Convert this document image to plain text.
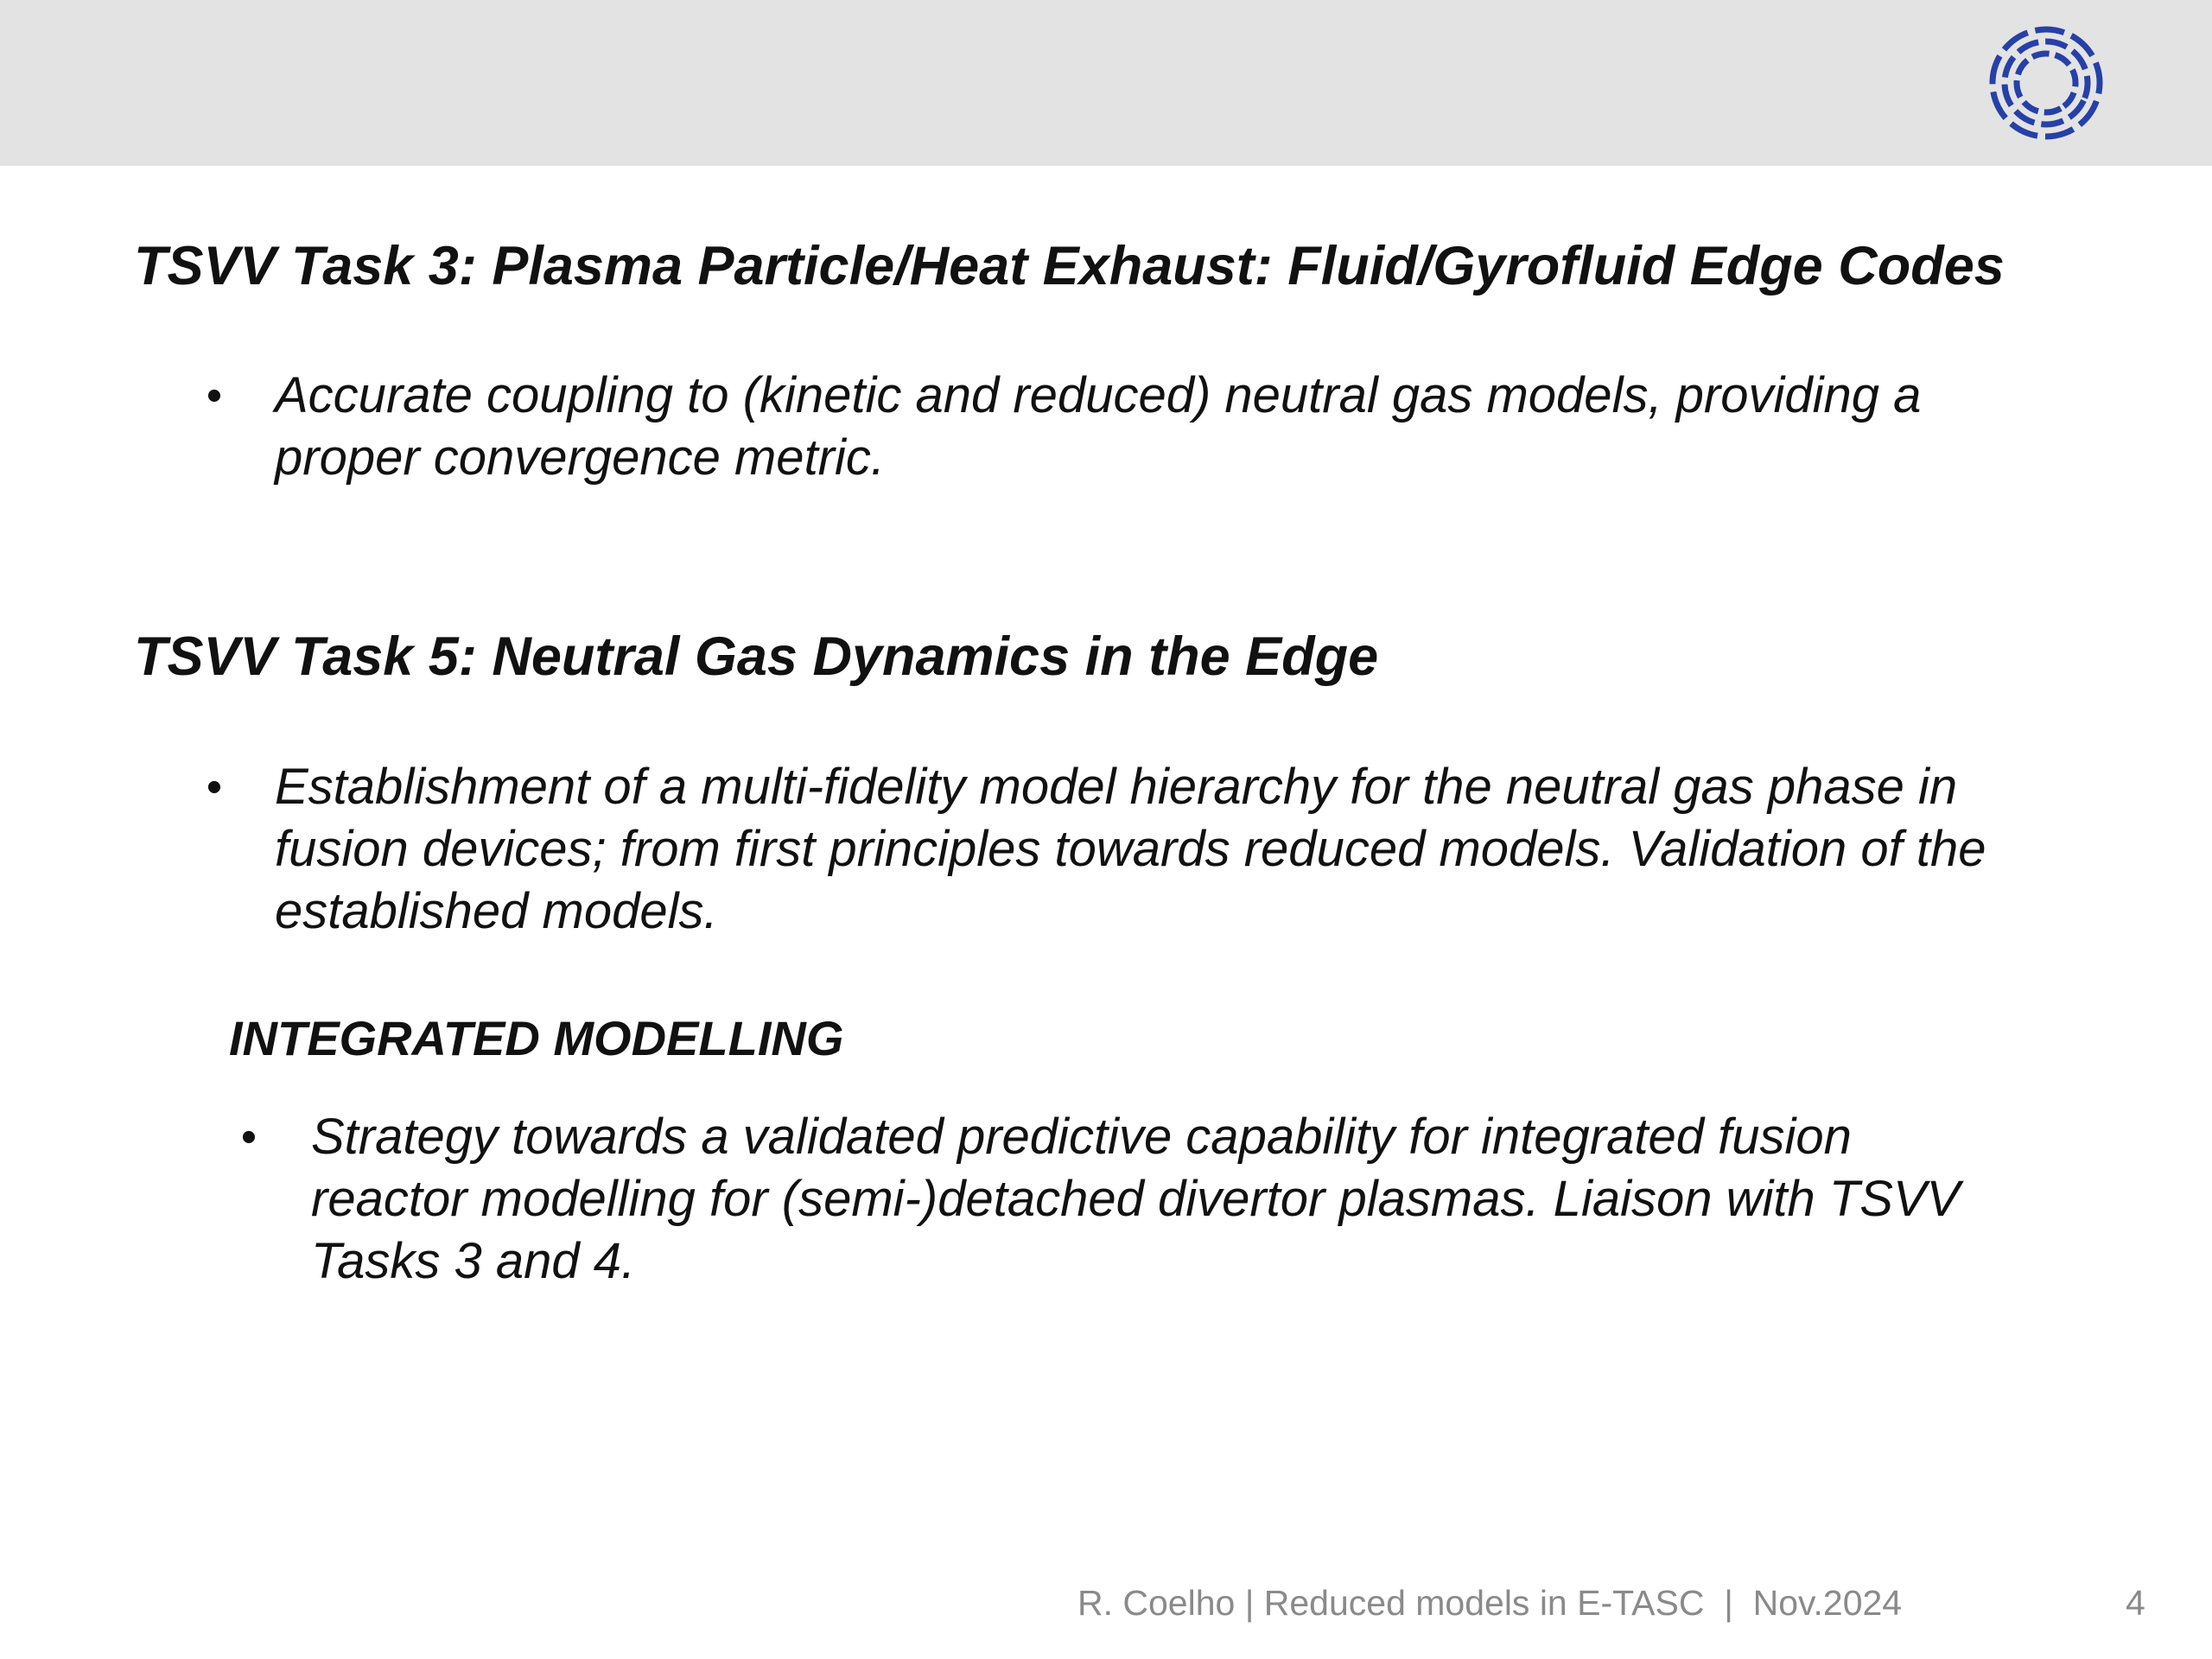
TSVV Task 3: Plasma Particle/Heat Exhaust: Fluid/Gyrofluid Edge Codes
•	Accurate coupling to (kinetic and reduced) neutral gas models, providing a
proper convergence metric.
TSVV Task 5: Neutral Gas Dynamics in the Edge
•	Establishment of a multi-fidelity model hierarchy for the neutral gas phase in
fusion devices; from first principles towards reduced models. Validation of the
established models.
INTEGRATED MODELLING
•	Strategy towards a validated predictive capability for integrated fusion
reactor modelling for (semi-)detached divertor plasmas. Liaison with TSVV
Tasks 3 and 4.
R. Coelho | Reduced models in E-TASC  |  Nov.2024	4
